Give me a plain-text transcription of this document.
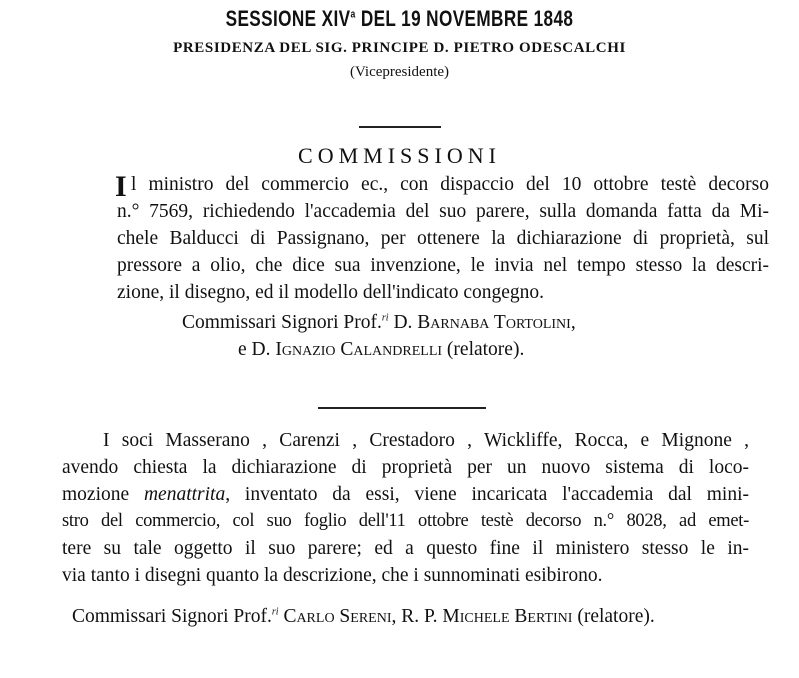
SESSIONE XIV$^a$ DEL 19 NOVEMBRE 1848
PRESIDENZA DEL SIG. PRINCIPE D. PIETRO ODESCALCHI
(Vicepresidente)
COMMISSIONI
I l ministro del commercio ec., con dispaccio del 10 ottobre testè decorso
n.° 7569, richiedendo l'accademia del suo parere, sulla domanda fatta da Mi-
chele Balducci di Passignano, per ottenere la dichiarazione di proprietà, sul
pressore a olio, che dice sua invenzione, le invia nel tempo stesso la descri-
zione, il disegno, ed il modello dell'indicato congegno.
Commissari Signori Prof.$^{ri}$ D. Barnaba Tortolini,
e D. Ignazio Calandrelli (relatore).
I soci Masserano , Carenzi , Crestadoro , Wickliffe, Rocca, e Mignone ,
avendo chiesta la dichiarazione di proprietà per un nuovo sistema di loco-
mozione menattrita, inventato da essi, viene incaricata l'accademia dal mini-
stro del commercio, col suo foglio dell'11 ottobre testè decorso n.° 8028, ad emet-
tere su tale oggetto il suo parere; ed a questo fine il ministero stesso le in-
via tanto i disegni quanto la descrizione, che i sunnominati esibirono.
Commissari Signori Prof.$^{ri}$ Carlo Sereni, R. P. Michele Bertini (relatore).
